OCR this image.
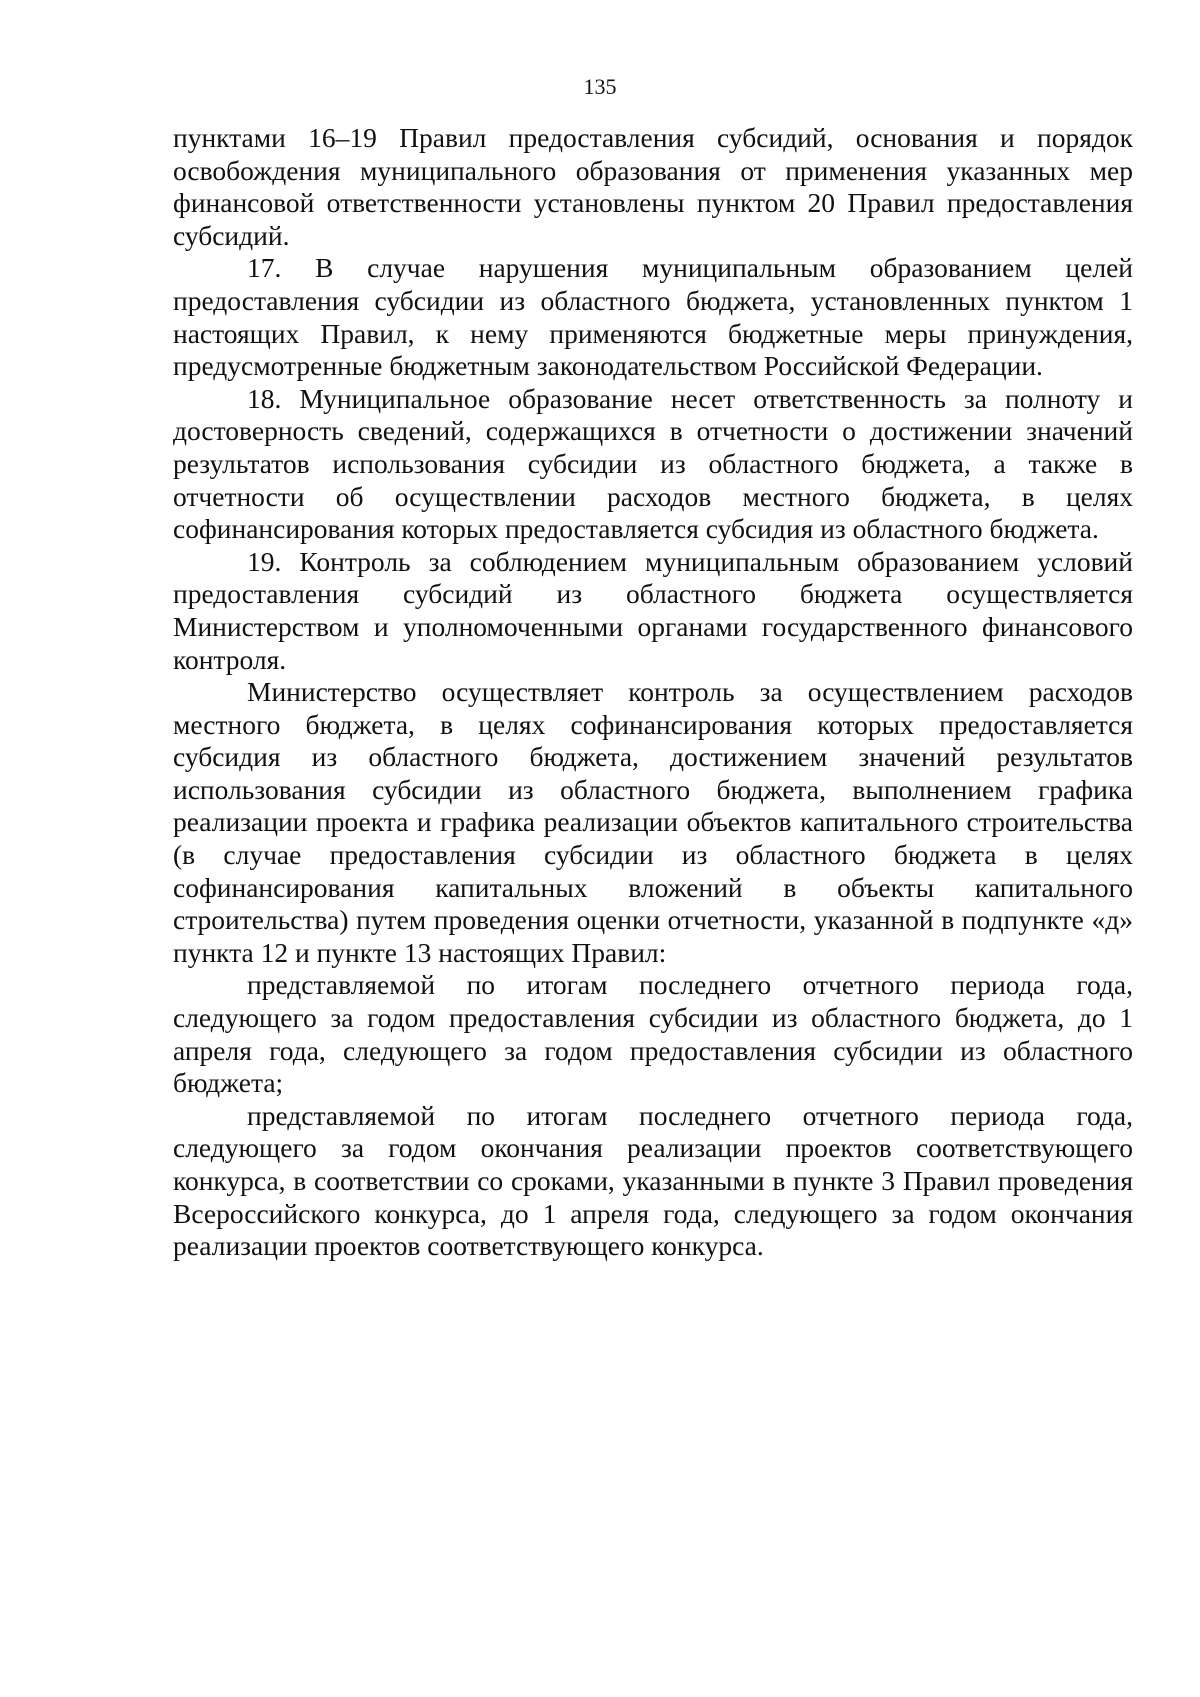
135

пунктами 16–19 Правил предоставления субсидий, основания и порядок освобождения муниципального образования от применения указанных мер финансовой ответственности установлены пунктом 20 Правил предоставления субсидий.

17. В случае нарушения муниципальным образованием целей предоставления субсидии из областного бюджета, установленных пунктом 1 настоящих Правил, к нему применяются бюджетные меры принуждения, предусмотренные бюджетным законодательством Российской Федерации.

18. Муниципальное образование несет ответственность за полноту и достоверность сведений, содержащихся в отчетности о достижении значений результатов использования субсидии из областного бюджета, а также в отчетности об осуществлении расходов местного бюджета, в целях софинансирования которых предоставляется субсидия из областного бюджета.

19. Контроль за соблюдением муниципальным образованием условий предоставления субсидий из областного бюджета осуществляется Министерством и уполномоченными органами государственного финансового контроля.

Министерство осуществляет контроль за осуществлением расходов местного бюджета, в целях софинансирования которых предоставляется субсидия из областного бюджета, достижением значений результатов использования субсидии из областного бюджета, выполнением графика реализации проекта и графика реализации объектов капитального строительства (в случае предоставления субсидии из областного бюджета в целях софинансирования капитальных вложений в объекты капитального строительства) путем проведения оценки отчетности, указанной в подпункте «д» пункта 12 и пункте 13 настоящих Правил:

представляемой по итогам последнего отчетного периода года, следующего за годом предоставления субсидии из областного бюджета, до 1 апреля года, следующего за годом предоставления субсидии из областного бюджета;

представляемой по итогам последнего отчетного периода года, следующего за годом окончания реализации проектов соответствующего конкурса, в соответствии со сроками, указанными в пункте 3 Правил проведения Всероссийского конкурса, до 1 апреля года, следующего за годом окончания реализации проектов соответствующего конкурса.
